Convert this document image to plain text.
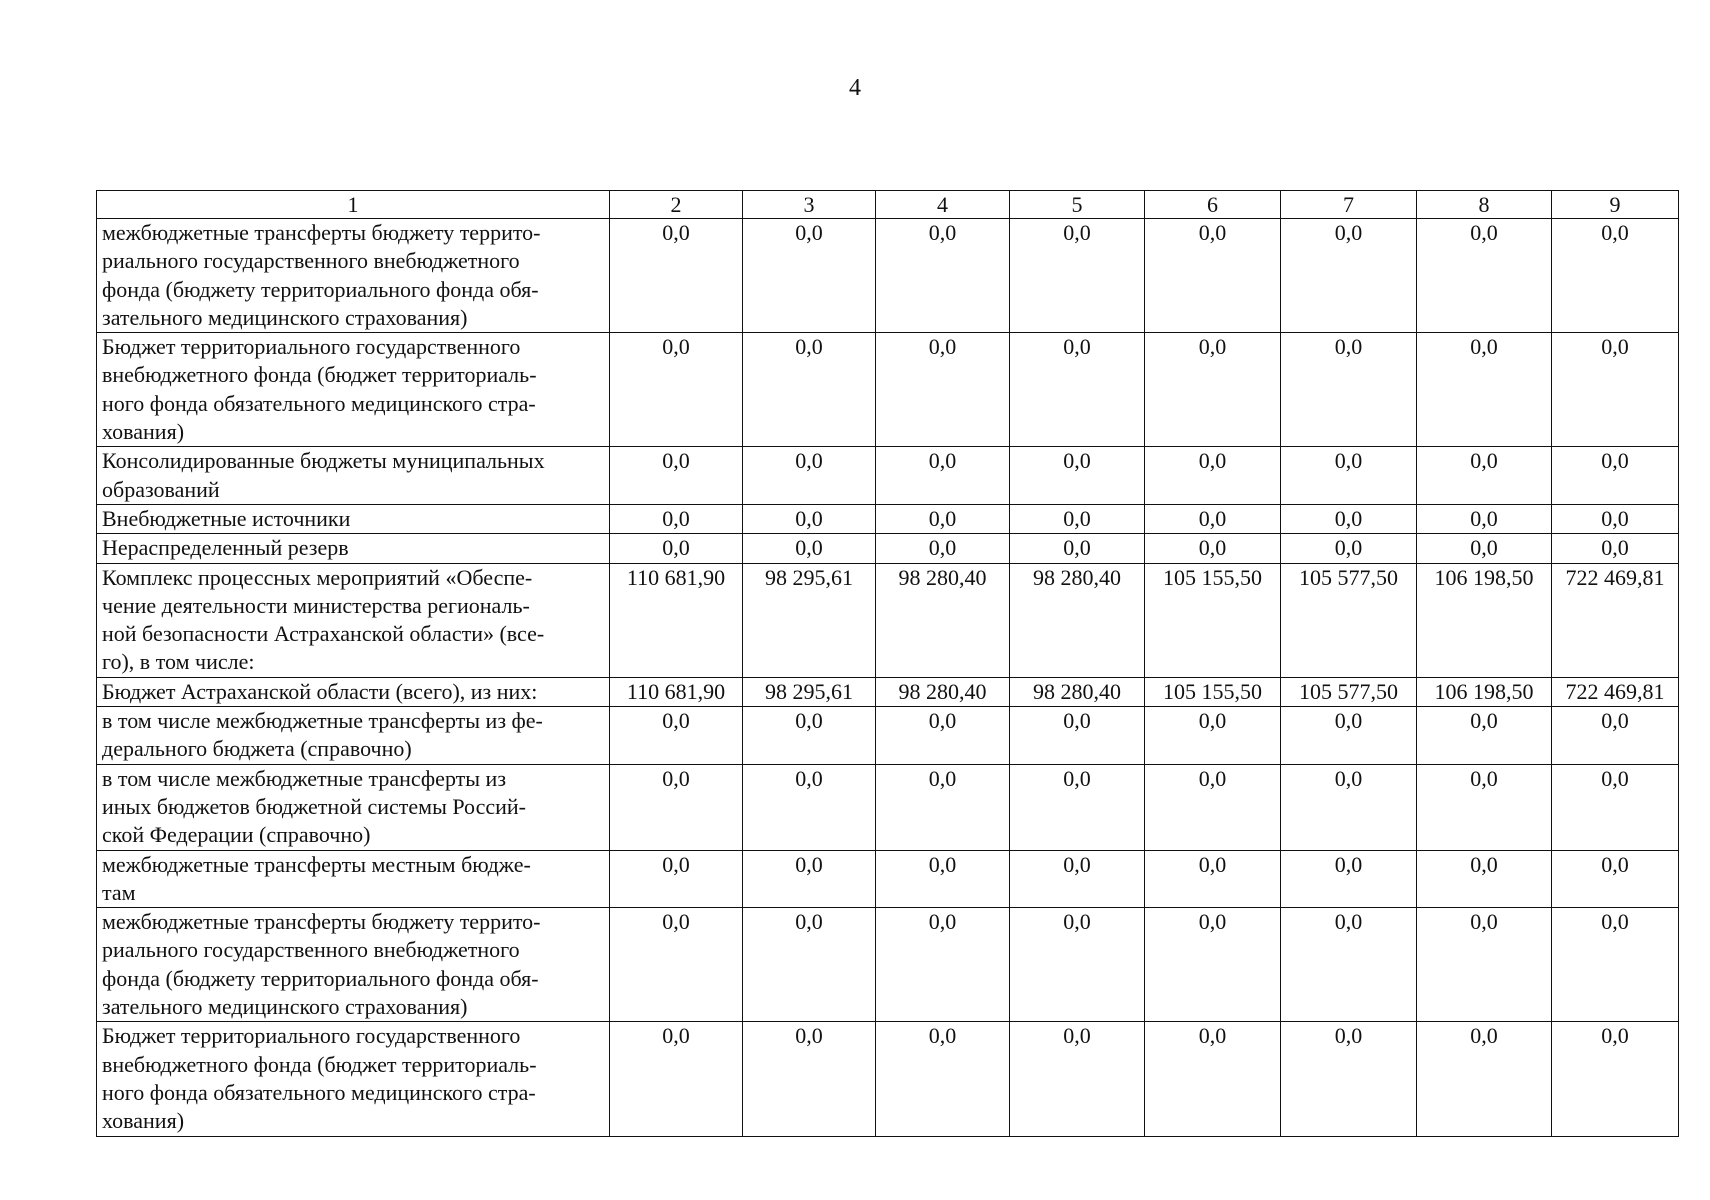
4
1	2	3	4	5	6	7	8	9
межбюджетные трансферты бюджету террито-
риального государственного внебюджетного
фонда (бюджету территориального фонда обя-
зательного медицинского страхования)	0,0	0,0	0,0	0,0	0,0	0,0	0,0	0,0
Бюджет территориального государственного
внебюджетного фонда (бюджет территориаль-
ного фонда обязательного медицинского стра-
хования)	0,0	0,0	0,0	0,0	0,0	0,0	0,0	0,0
Консолидированные бюджеты муниципальных
образований	0,0	0,0	0,0	0,0	0,0	0,0	0,0	0,0
Внебюджетные источники	0,0	0,0	0,0	0,0	0,0	0,0	0,0	0,0
Нераспределенный резерв	0,0	0,0	0,0	0,0	0,0	0,0	0,0	0,0
Комплекс процессных мероприятий «Обеспе-
чение деятельности министерства региональ-
ной безопасности Астраханской области» (все-
го), в том числе:	110 681,90	98 295,61	98 280,40	98 280,40	105 155,50	105 577,50	106 198,50	722 469,81
Бюджет Астраханской области (всего), из них:	110 681,90	98 295,61	98 280,40	98 280,40	105 155,50	105 577,50	106 198,50	722 469,81
в том числе межбюджетные трансферты из фе-
дерального бюджета (справочно)	0,0	0,0	0,0	0,0	0,0	0,0	0,0	0,0
в том числе межбюджетные трансферты из
иных бюджетов бюджетной системы Россий-
ской Федерации (справочно)	0,0	0,0	0,0	0,0	0,0	0,0	0,0	0,0
межбюджетные трансферты местным бюдже-
там	0,0	0,0	0,0	0,0	0,0	0,0	0,0	0,0
межбюджетные трансферты бюджету террито-
риального государственного внебюджетного
фонда (бюджету территориального фонда обя-
зательного медицинского страхования)	0,0	0,0	0,0	0,0	0,0	0,0	0,0	0,0
Бюджет территориального государственного
внебюджетного фонда (бюджет территориаль-
ного фонда обязательного медицинского стра-
хования)	0,0	0,0	0,0	0,0	0,0	0,0	0,0	0,0
